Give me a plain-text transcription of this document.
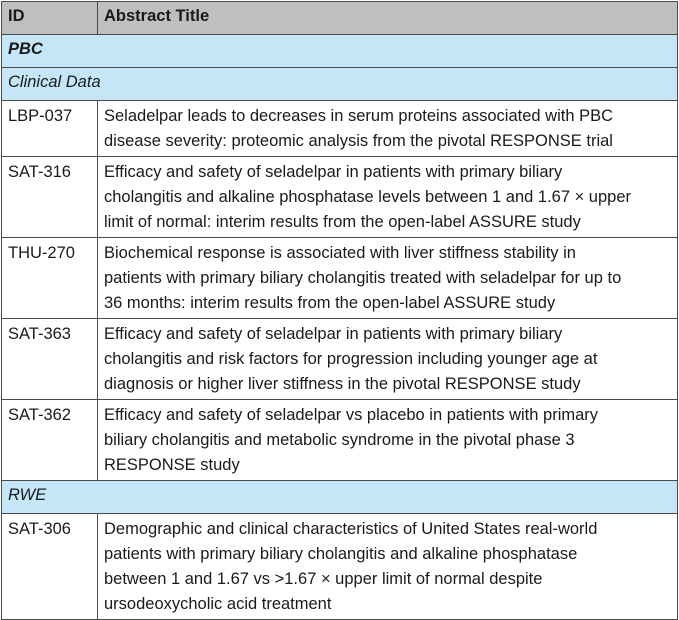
ID	Abstract Title
PBC	
Clinical Data	
LBP-037	Seladelpar leads to decreases in serum proteins associated with PBC
disease severity: proteomic analysis from the pivotal RESPONSE trial
SAT-316	Efficacy and safety of seladelpar in patients with primary biliary
cholangitis and alkaline phosphatase levels between 1 and 1.67 × upper
limit of normal: interim results from the open-label ASSURE study
THU-270	Biochemical response is associated with liver stiffness stability in
patients with primary biliary cholangitis treated with seladelpar for up to
36 months: interim results from the open-label ASSURE study
SAT-363	Efficacy and safety of seladelpar in patients with primary biliary
cholangitis and risk factors for progression including younger age at
diagnosis or higher liver stiffness in the pivotal RESPONSE study
SAT-362	Efficacy and safety of seladelpar vs placebo in patients with primary
biliary cholangitis and metabolic syndrome in the pivotal phase 3
RESPONSE study
RWE	
SAT-306	Demographic and clinical characteristics of United States real-world
patients with primary biliary cholangitis and alkaline phosphatase
between 1 and 1.67 vs >1.67 × upper limit of normal despite
ursodeoxycholic acid treatment
